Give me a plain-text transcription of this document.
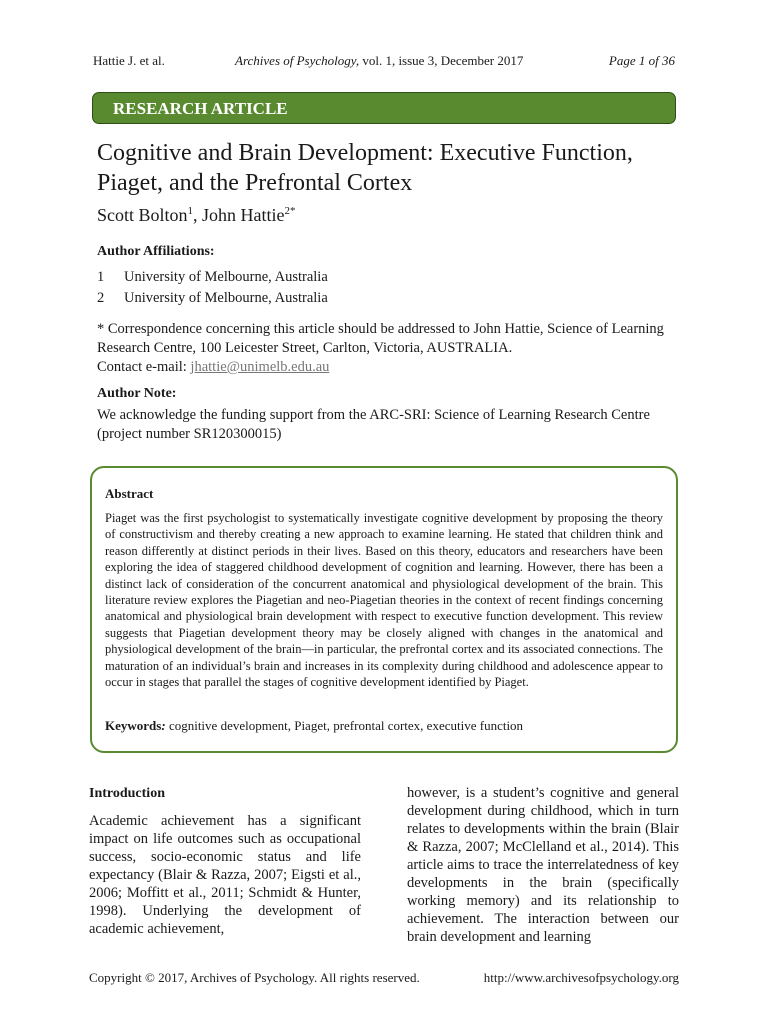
Hattie J. et al.	Archives of Psychology, vol. 1, issue 3, December 2017	Page 1 of 36
RESEARCH ARTICLE
Cognitive and Brain Development: Executive Function, Piaget, and the Prefrontal Cortex
Scott Bolton$^1$, John Hattie$^{2*}$
Author Affiliations:
1 University of Melbourne, Australia
2 University of Melbourne, Australia
* Correspondence concerning this article should be addressed to John Hattie, Science of Learning Research Centre, 100 Leicester Street, Carlton, Victoria, AUSTRALIA.
Contact e-mail: jhattie@unimelb.edu.au
Author Note:
We acknowledge the funding support from the ARC-SRI: Science of Learning Research Centre (project number SR120300015)
Abstract
Piaget was the first psychologist to systematically investigate cognitive development by proposing the theory of constructivism and thereby creating a new approach to examine learning. He stated that children think and reason differently at distinct periods in their lives. Based on this theory, educators and researchers have been exploring the idea of staggered childhood development of cognition and learning. However, there has been a distinct lack of consideration of the concurrent anatomical and physiological development of the brain. This literature review explores the Piagetian and neo-Piagetian theories in the context of recent findings concerning anatomical and physiological brain development with respect to executive function development. This review suggests that Piagetian development theory may be closely aligned with changes in the anatomical and physiological development of the brain—in particular, the prefrontal cortex and its associated connections. The maturation of an individual’s brain and increases in its complexity during childhood and adolescence appear to occur in stages that parallel the stages of cognitive development identified by Piaget.
Keywords: cognitive development, Piaget, prefrontal cortex, executive function
Introduction
Academic achievement has a significant impact on life outcomes such as occupational success, socio-economic status and life expectancy (Blair & Razza, 2007; Eigsti et al., 2006; Moffitt et al., 2011; Schmidt & Hunter, 1998). Underlying the development of academic achievement,
however, is a student’s cognitive and general development during childhood, which in turn relates to developments within the brain (Blair & Razza, 2007; McClelland et al., 2014). This article aims to trace the interrelatedness of key developments in the brain (specifically working memory) and its relationship to achievement. The interaction between our brain development and learning
Copyright © 2017, Archives of Psychology. All rights reserved.	http://www.archivesofpsychology.org
